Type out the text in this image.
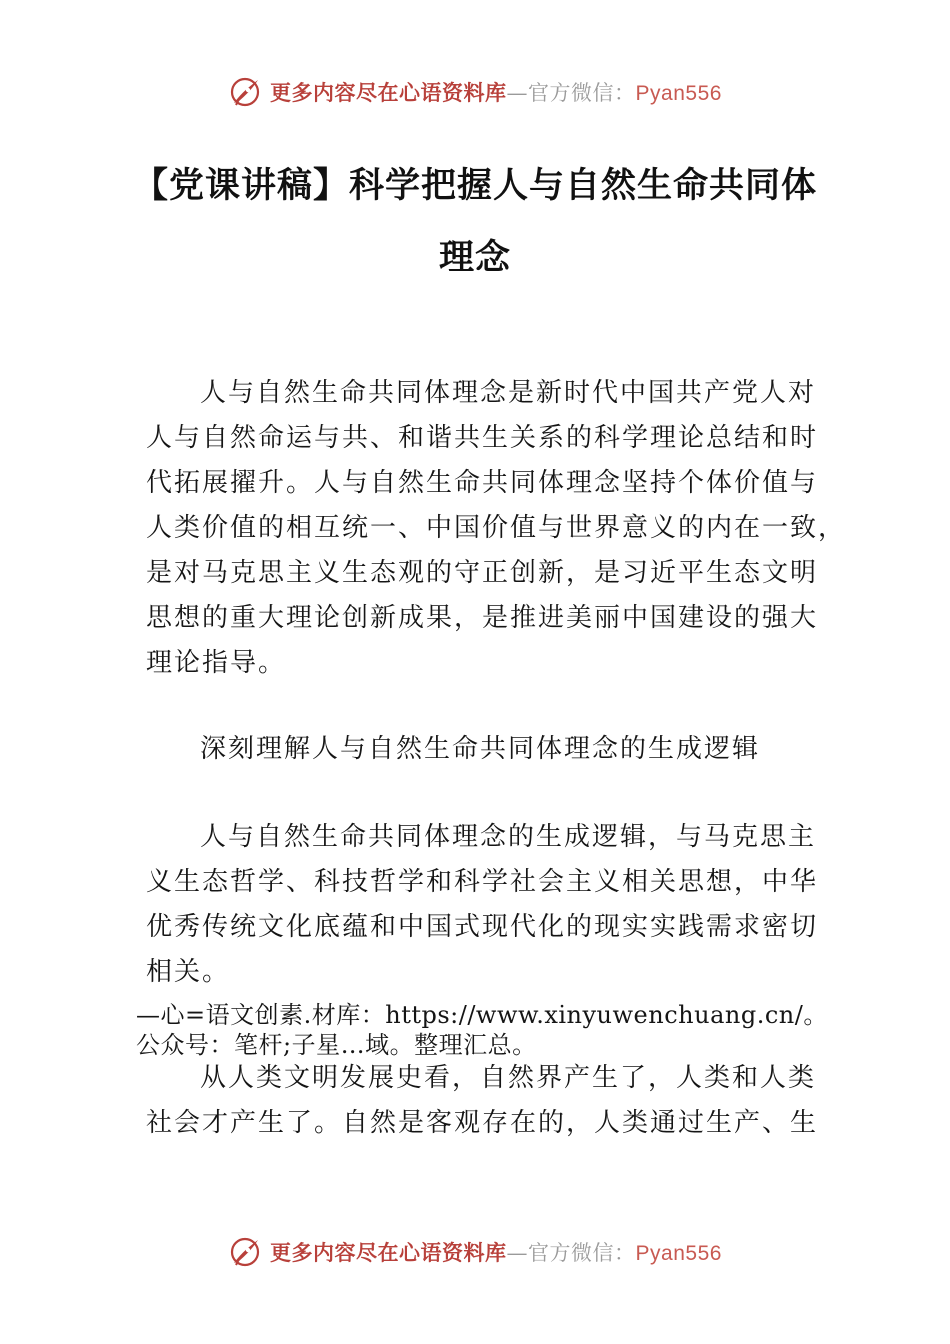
更多内容尽在心语资料库—官方微信：Pyan556
【党课讲稿】科学把握人与自然生命共同体
理念
人与自然生命共同体理念是新时代中国共产党人对
人与自然命运与共、和谐共生关系的科学理论总结和时
代拓展擢升。人与自然生命共同体理念坚持个体价值与
人类价值的相互统一、中国价值与世界意义的内在一致，
是对马克思主义生态观的守正创新，是习近平生态文明
思想的重大理论创新成果，是推进美丽中国建设的强大
理论指导。
深刻理解人与自然生命共同体理念的生成逻辑
人与自然生命共同体理念的生成逻辑，与马克思主
义生态哲学、科技哲学和科学社会主义相关思想，中华
优秀传统文化底蕴和中国式现代化的现实实践需求密切
相关。
—心=语文创素.材库：https://www.xinyuwenchuang.cn/。
公众号：笔杆;子星…域。整理汇总。
从人类文明发展史看，自然界产生了，人类和人类
社会才产生了。自然是客观存在的，人类通过生产、生
更多内容尽在心语资料库—官方微信：Pyan556
